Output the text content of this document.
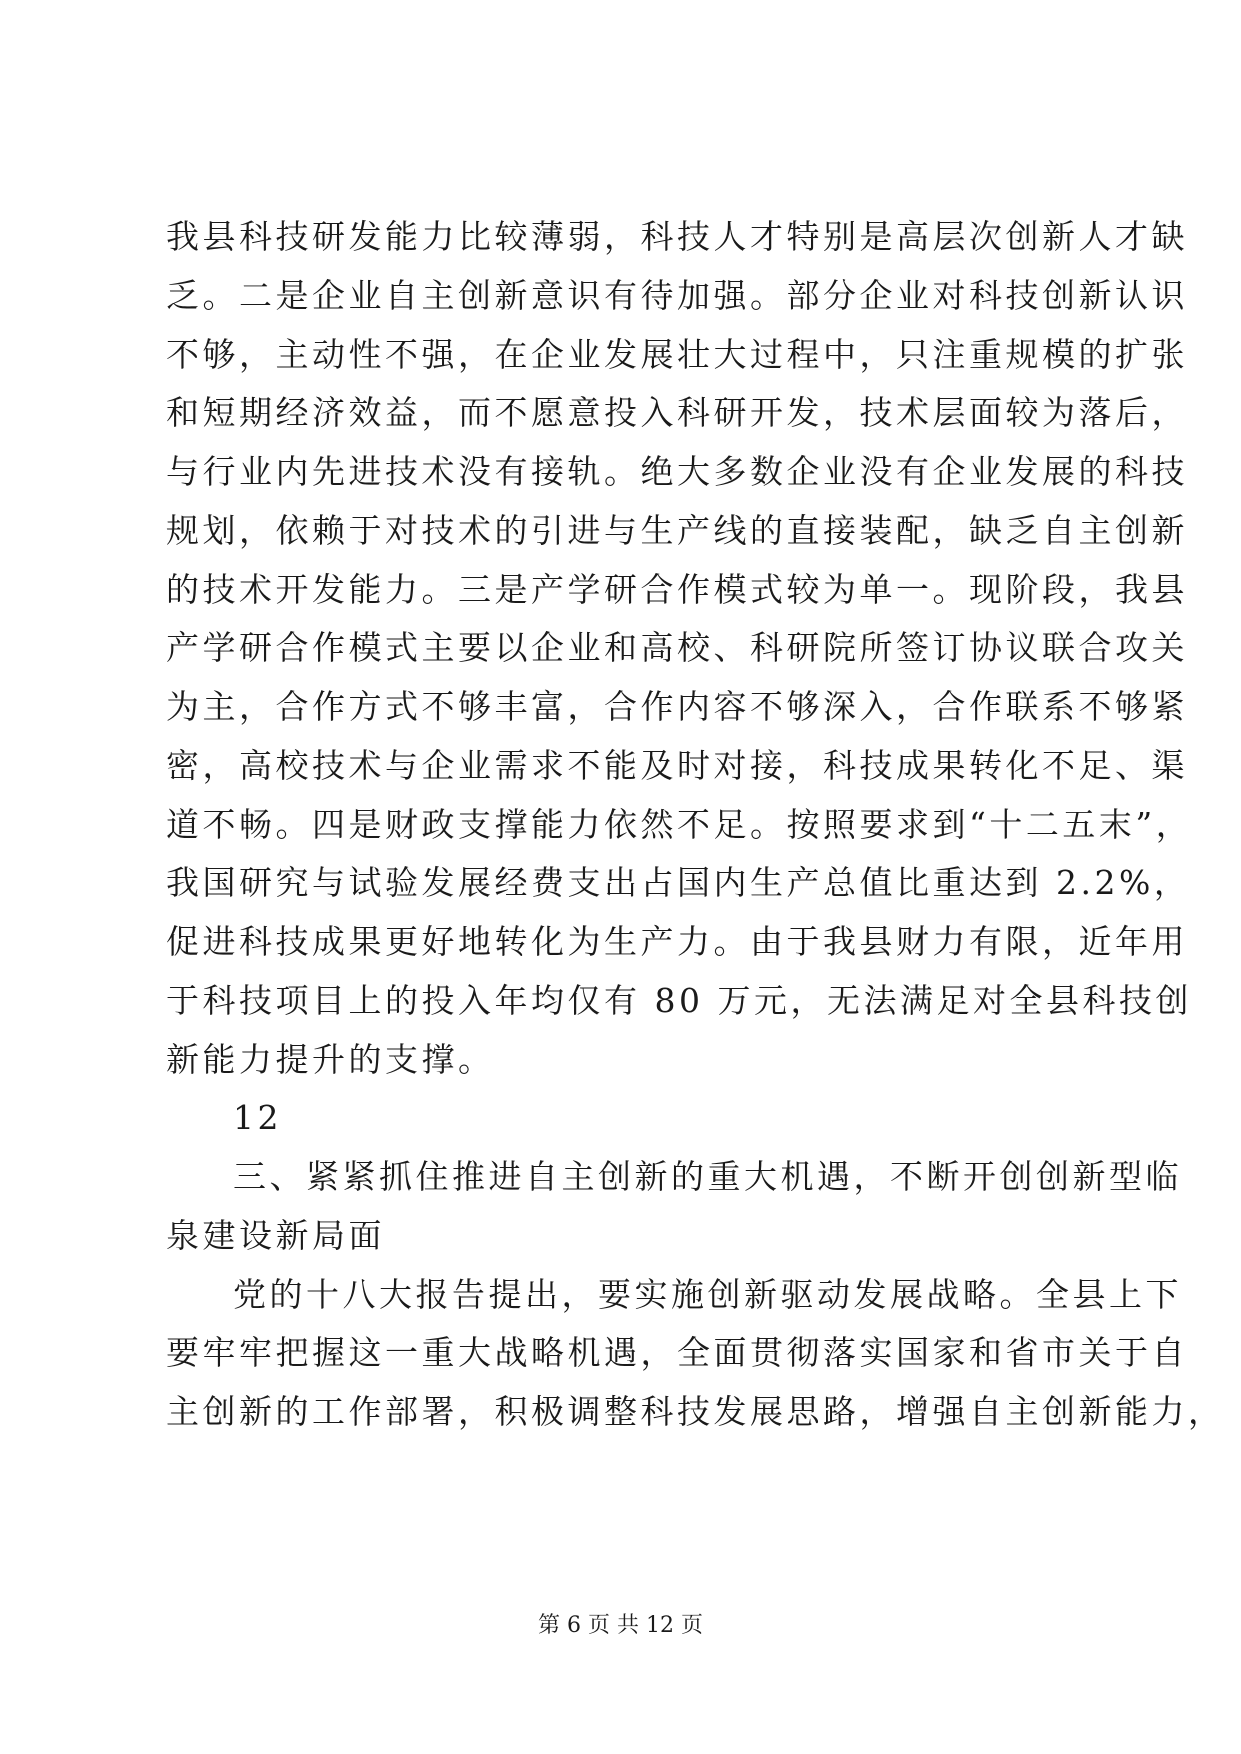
我县科技研发能力比较薄弱，科技人才特别是高层次创新人才缺
乏。二是企业自主创新意识有待加强。部分企业对科技创新认识
不够，主动性不强，在企业发展壮大过程中，只注重规模的扩张
和短期经济效益，而不愿意投入科研开发，技术层面较为落后，
与行业内先进技术没有接轨。绝大多数企业没有企业发展的科技
规划，依赖于对技术的引进与生产线的直接装配，缺乏自主创新
的技术开发能力。三是产学研合作模式较为单一。现阶段，我县
产学研合作模式主要以企业和高校、科研院所签订协议联合攻关
为主，合作方式不够丰富，合作内容不够深入，合作联系不够紧
密，高校技术与企业需求不能及时对接，科技成果转化不足、渠
道不畅。四是财政支撑能力依然不足。按照要求到“十二五末”，
我国研究与试验发展经费支出占国内生产总值比重达到 2.2%，
促进科技成果更好地转化为生产力。由于我县财力有限，近年用
于科技项目上的投入年均仅有 80 万元，无法满足对全县科技创
新能力提升的支撑。
12
三、紧紧抓住推进自主创新的重大机遇，不断开创创新型临
泉建设新局面
党的十八大报告提出，要实施创新驱动发展战略。全县上下
要牢牢把握这一重大战略机遇，全面贯彻落实国家和省市关于自
主创新的工作部署，积极调整科技发展思路，增强自主创新能力，
第 6 页 共 12 页
